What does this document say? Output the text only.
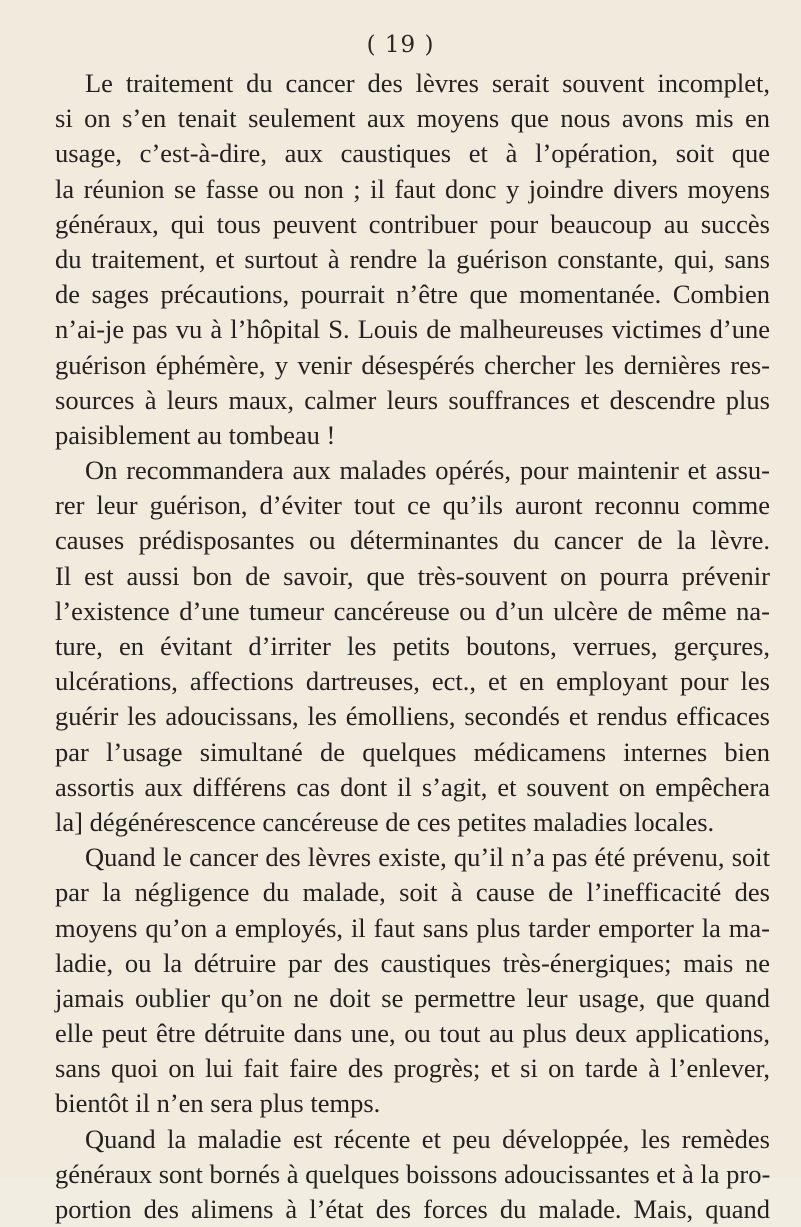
( 19 )
Le traitement du cancer des lèvres serait souvent incomplet,
si on s’en tenait seulement aux moyens que nous avons mis en
usage, c’est-à-dire, aux caustiques et à l’opération, soit que
la réunion se fasse ou non ; il faut donc y joindre divers moyens
généraux, qui tous peuvent contribuer pour beaucoup au succès
du traitement, et surtout à rendre la guérison constante, qui, sans
de sages précautions, pourrait n’être que momentanée. Combien
n’ai-je pas vu à l’hôpital S. Louis de malheureuses victimes d’une
guérison éphémère, y venir désespérés chercher les dernières res-
sources à leurs maux, calmer leurs souffrances et descendre plus
paisiblement au tombeau !
On recommandera aux malades opérés, pour maintenir et assu-
rer leur guérison, d’éviter tout ce qu’ils auront reconnu comme
causes prédisposantes ou déterminantes du cancer de la lèvre.
Il est aussi bon de savoir, que très-souvent on pourra prévenir
l’existence d’une tumeur cancéreuse ou d’un ulcère de même na-
ture, en évitant d’irriter les petits boutons, verrues, gerçures,
ulcérations, affections dartreuses, ect., et en employant pour les
guérir les adoucissans, les émolliens, secondés et rendus efficaces
par l’usage simultané de quelques médicamens internes bien
assortis aux différens cas dont il s’agit, et souvent on empêchera
la] dégénérescence cancéreuse de ces petites maladies locales.
Quand le cancer des lèvres existe, qu’il n’a pas été prévenu, soit
par la négligence du malade, soit à cause de l’inefficacité des
moyens qu’on a employés, il faut sans plus tarder emporter la ma-
ladie, ou la détruire par des caustiques très-énergiques; mais ne
jamais oublier qu’on ne doit se permettre leur usage, que quand
elle peut être détruite dans une, ou tout au plus deux applications,
sans quoi on lui fait faire des progrès; et si on tarde à l’enlever,
bientôt il n’en sera plus temps.
Quand la maladie est récente et peu développée, les remèdes
généraux sont bornés à quelques boissons adoucissantes et à la pro-
portion des alimens à l’état des forces du malade. Mais, quand
